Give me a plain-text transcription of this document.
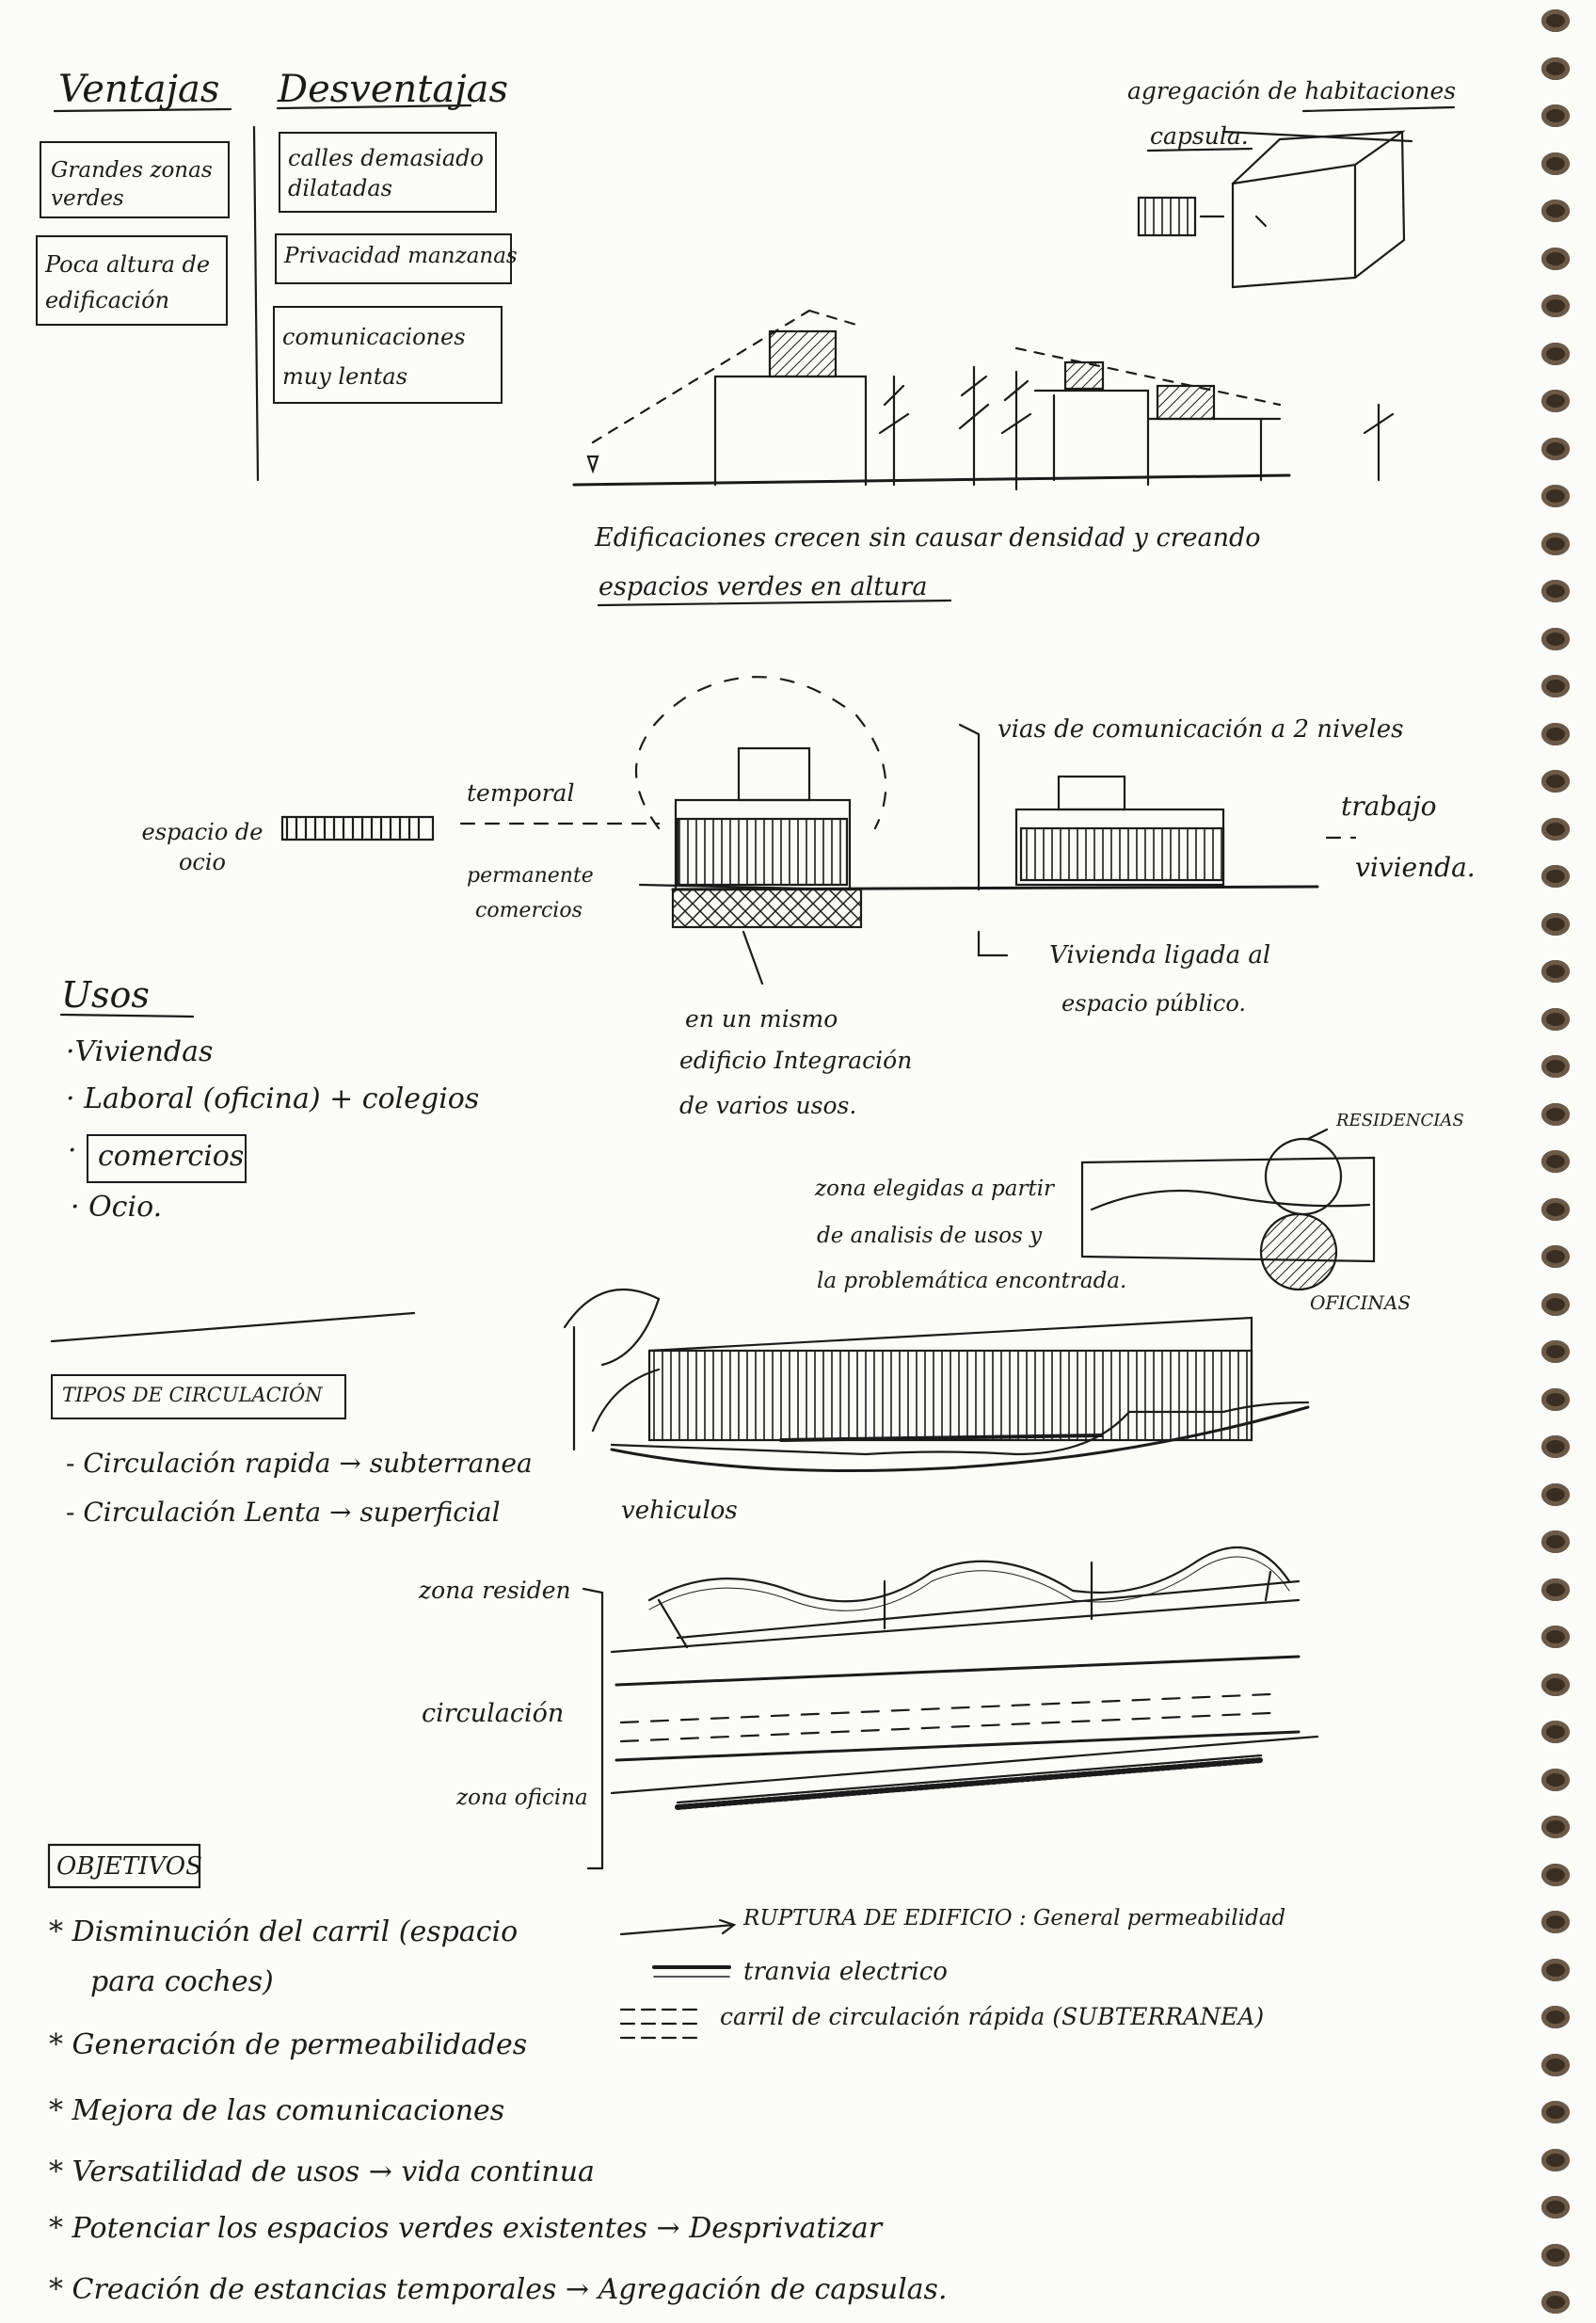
Ventajas
Grandes zonas verdes
Poca altura de edificación
Desventajas
calles demasiado dilatadas
Privacidad manzanas
comunicaciones muy lentas
agregación de habitaciones
capsula.
Edificaciones crecen sin causar densidad y creando
espacios verdes en altura
espacio de ocio
temporal
permanente
comercios
vias de comunicación a 2 niveles
trabajo
vivienda.
Vivienda ligada al
espacio público.
en un mismo
edificio Integración
de varios usos.
Usos
·Viviendas
· Laboral (oficina) + colegios
· comercios
· Ocio.
zona elegidas a partir
de analisis de usos y
la problemática encontrada.
RESIDENCIAS
OFICINAS
TIPOS DE CIRCULACIÓN
- Circulación rapida → subterranea
- Circulación Lenta → superficial	vehiculos
zona residen
circulación
zona oficina
OBJETIVOS
* Disminución del carril (espacio
para coches)
* Generación de permeabilidades
* Mejora de las comunicaciones
* Versatilidad de usos → vida continua
* Potenciar los espacios verdes existentes → Desprivatizar
* Creación de estancias temporales → Agregación de capsulas.
RUPTURA DE EDIFICIO : General permeabilidad
tranvia electrico
carril de circulación rápida (SUBTERRANEA)
